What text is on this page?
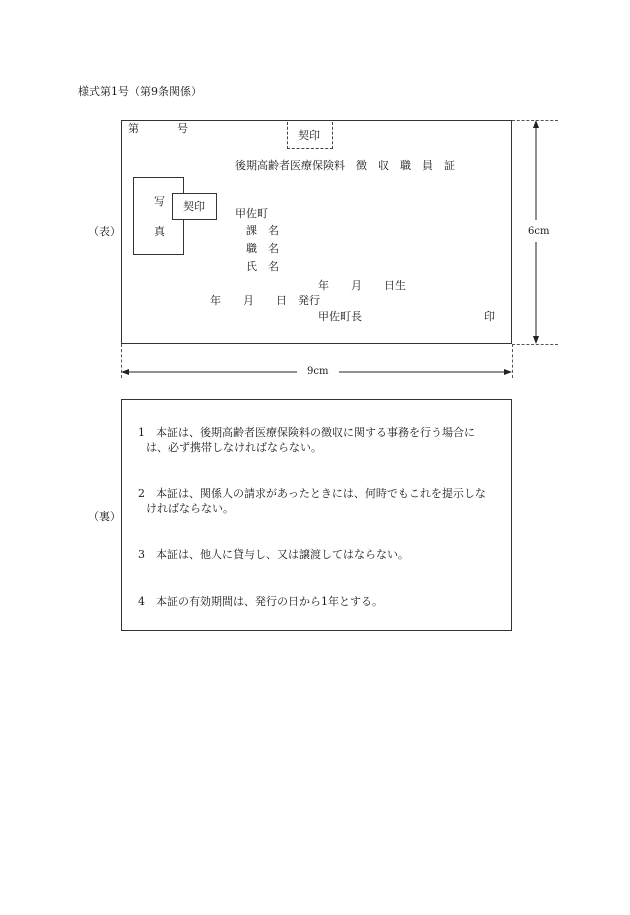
様式第1号（第9条関係）
（表）	6cm
第	号
契印
後期高齢者医療保険料　徴　収　職　員　証
写
真
契印
甲佐町
課　名
職　名
氏　名
年　　月　　日生
年　　月　　日　発行
甲佐町長	印
9cm
（裏）
1　本証は、後期高齢者医療保険料の徴収に関する事務を行う場合に
は、必ず携帯しなければならない。
2　本証は、関係人の請求があったときには、何時でもこれを提示しな
ければならない。
3　本証は、他人に貸与し、又は譲渡してはならない。
4　本証の有効期間は、発行の日から1年とする。
